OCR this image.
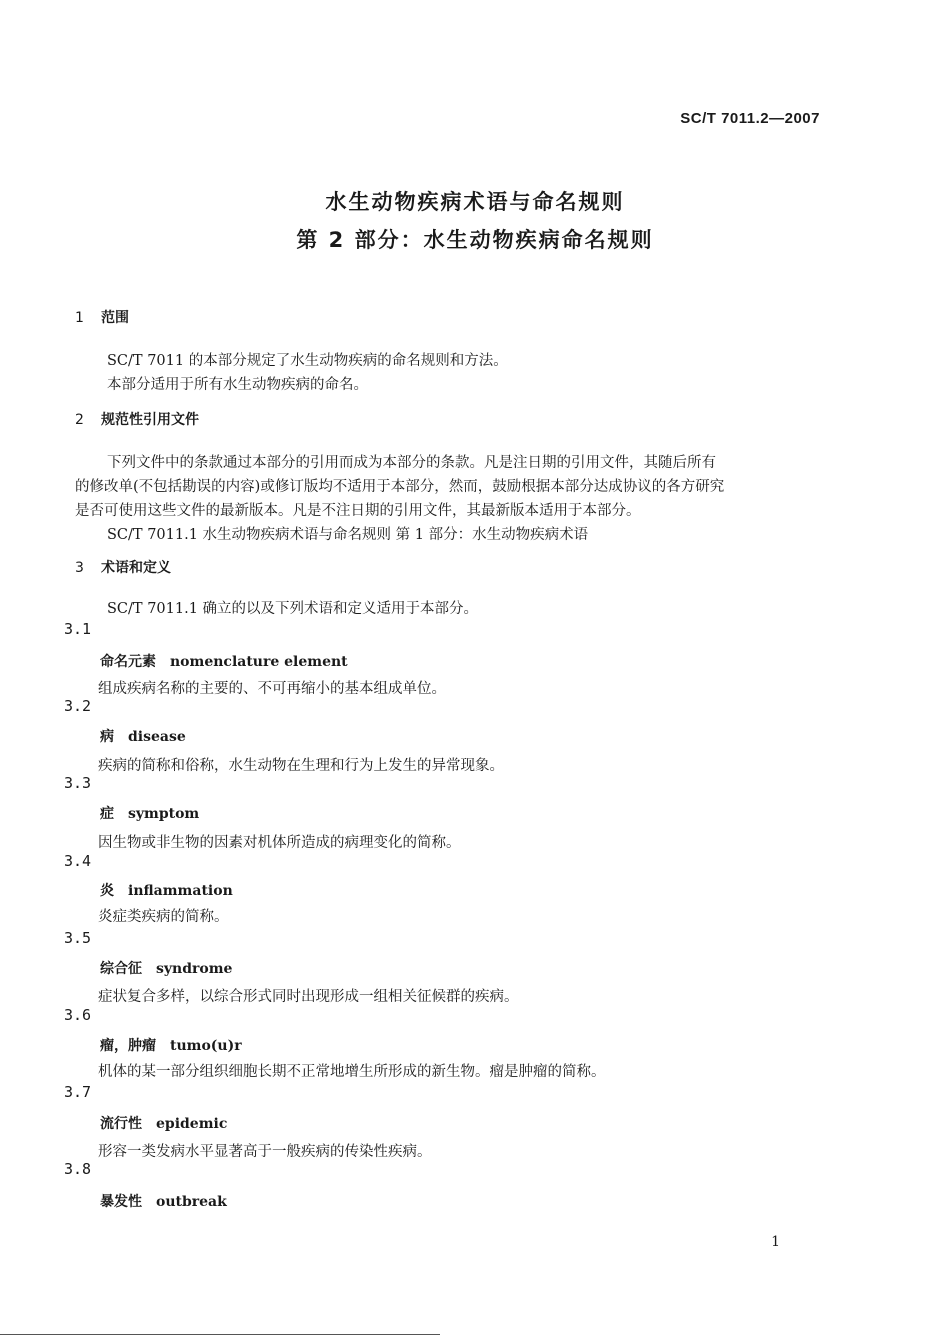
SC/T 7011.2—2007
水生动物疾病术语与命名规则
第 2 部分：水生动物疾病命名规则
1 范围
SC/T 7011 的本部分规定了水生动物疾病的命名规则和方法。
本部分适用于所有水生动物疾病的命名。
2 规范性引用文件
下列文件中的条款通过本部分的引用而成为本部分的条款。凡是注日期的引用文件，其随后所有
的修改单(不包括勘误的内容)或修订版均不适用于本部分，然而，鼓励根据本部分达成协议的各方研究
是否可使用这些文件的最新版本。凡是不注日期的引用文件，其最新版本适用于本部分。
SC/T 7011.1 水生动物疾病术语与命名规则 第 1 部分：水生动物疾病术语
3 术语和定义
SC/T 7011.1 确立的以及下列术语和定义适用于本部分。
3.1
命名元素 nomenclature element
组成疾病名称的主要的、不可再缩小的基本组成单位。
3.2
病 disease
疾病的简称和俗称，水生动物在生理和行为上发生的异常现象。
3.3
症 symptom
因生物或非生物的因素对机体所造成的病理变化的简称。
3.4
炎 inflammation
炎症类疾病的简称。
3.5
综合征 syndrome
症状复合多样，以综合形式同时出现形成一组相关征候群的疾病。
3.6
瘤，肿瘤 tumo(u)r
机体的某一部分组织细胞长期不正常地增生所形成的新生物。瘤是肿瘤的简称。
3.7
流行性 epidemic
形容一类发病水平显著高于一般疾病的传染性疾病。
3.8
暴发性 outbreak
1
